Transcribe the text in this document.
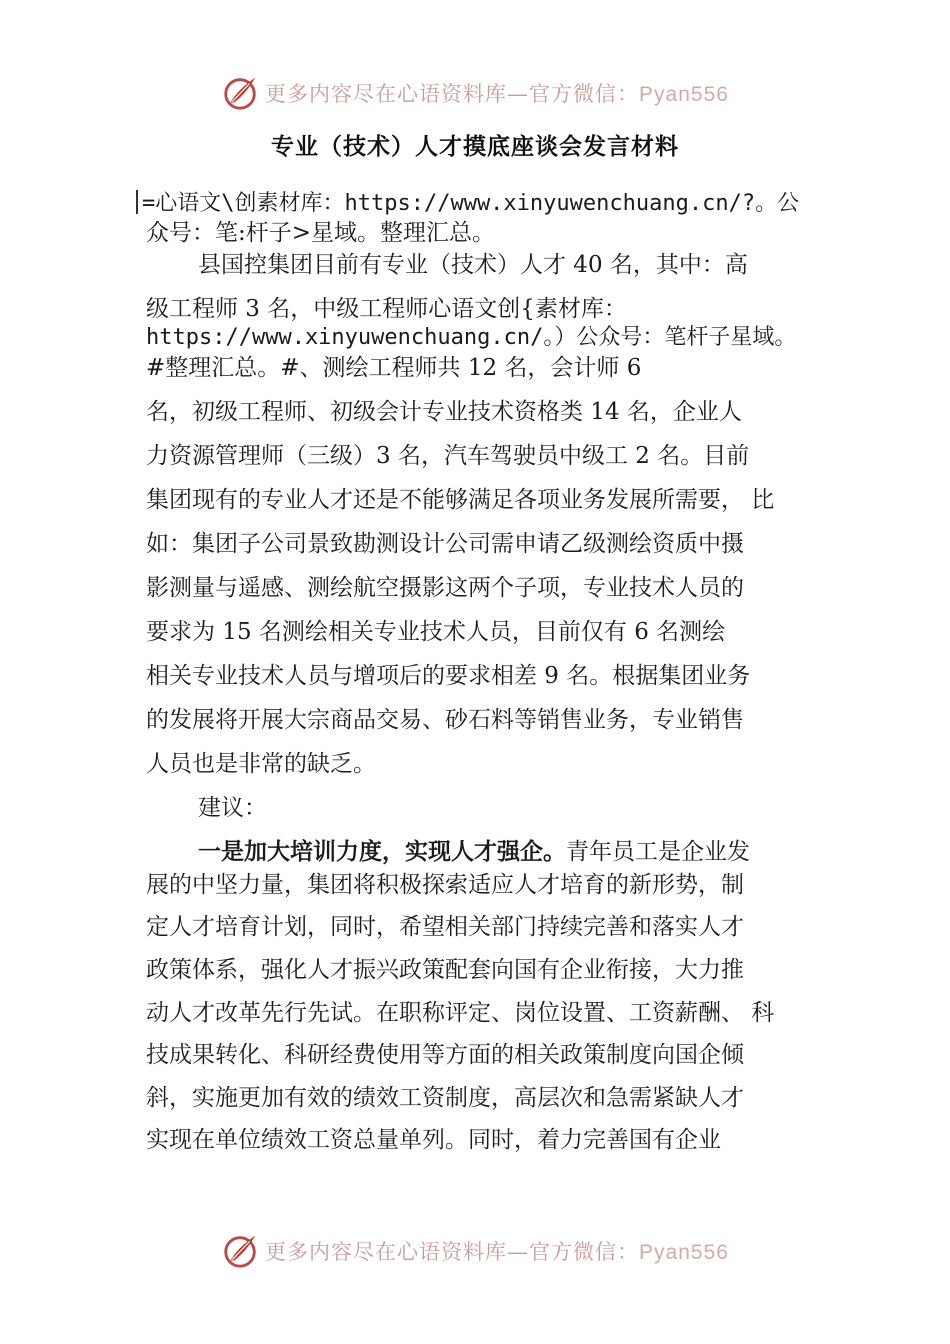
更多内容尽在心语资料库—官方微信：Pyan556
专业（技术）人才摸底座谈会发言材料
=心语文\创素材库：https://www.xinyuwenchuang.cn/?。公
众号：笔:杆子>星域。整理汇总。
县国控集团目前有专业（技术）人才 40 名，其中：高
级工程师 3 名，中级工程师心语文创{素材库：
https://www.xinyuwenchuang.cn/。）公众号：笔杆子星域。
#整理汇总。#、测绘工程师共 12 名，会计师 6
名，初级工程师、初级会计专业技术资格类 14 名，企业人
力资源管理师（三级）3 名，汽车驾驶员中级工 2 名。目前
集团现有的专业人才还是不能够满足各项业务发展所需要， 比
如：集团子公司景致勘测设计公司需申请乙级测绘资质中摄
影测量与遥感、测绘航空摄影这两个子项，专业技术人员的
要求为 15 名测绘相关专业技术人员，目前仅有 6 名测绘
相关专业技术人员与增项后的要求相差 9 名。根据集团业务
的发展将开展大宗商品交易、砂石料等销售业务，专业销售
人员也是非常的缺乏。
建议：
一是加大培训力度，实现人才强企。青年员工是企业发
展的中坚力量，集团将积极探索适应人才培育的新形势，制
定人才培育计划，同时，希望相关部门持续完善和落实人才
政策体系，强化人才振兴政策配套向国有企业衔接，大力推
动人才改革先行先试。在职称评定、岗位设置、工资薪酬、 科
技成果转化、科研经费使用等方面的相关政策制度向国企倾
斜，实施更加有效的绩效工资制度，高层次和急需紧缺人才
实现在单位绩效工资总量单列。同时，着力完善国有企业
更多内容尽在心语资料库—官方微信：Pyan556
